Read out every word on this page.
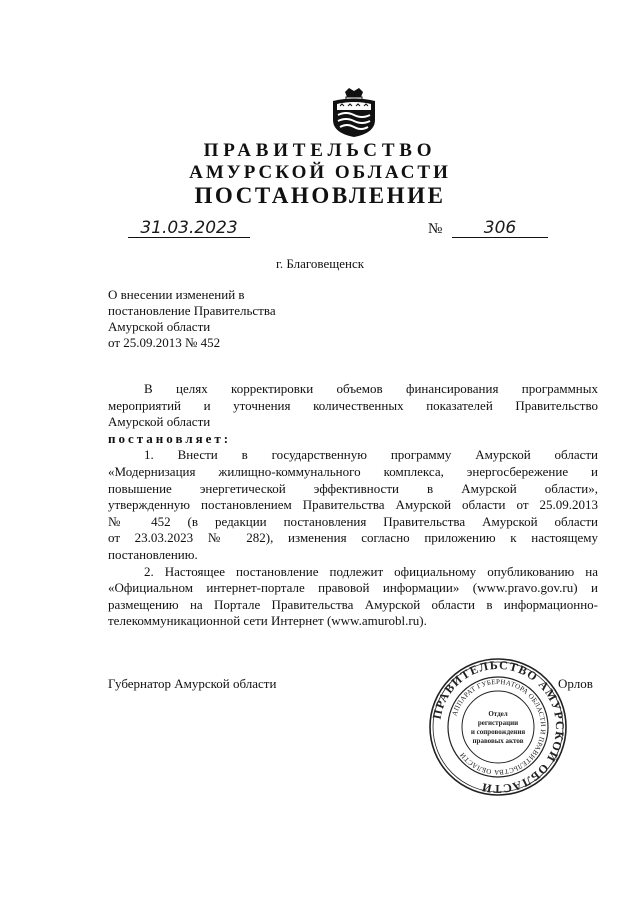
ПРАВИТЕЛЬСТВО
АМУРСКОЙ ОБЛАСТИ
ПОСТАНОВЛЕНИЕ
31.03.2023	№	306
г. Благовещенск
О внесении изменений в
постановление Правительства
Амурской области
от 25.09.2013 № 452
В целях корректировки объемов финансирования программных
мероприятий и уточнения количественных показателей Правительство
Амурской области
постановляет:
1. Внести в государственную программу Амурской области
«Модернизация жилищно-коммунального комплекса, энергосбережение и
повышение энергетической эффективности в Амурской области»,
утвержденную постановлением Правительства Амурской области от 25.09.2013
№ 452 (в редакции постановления Правительства Амурской области
от 23.03.2023 № 282), изменения согласно приложению к настоящему
постановлению.
2. Настоящее постановление подлежит официальному опубликованию на
«Официальном интернет-портале правовой информации» (www.pravo.gov.ru) и
размещению на Портале Правительства Амурской области в информационно-
телекоммуникационной сети Интернет (www.amurobl.ru).
Губернатор Амурской области	Орлов
ПРАВИТЕЛЬСТВО АМУРСКОЙ ОБЛАСТИ
АППАРАТ ГУБЕРНАТОРА ОБЛАСТИ И ПРАВИТЕЛЬСТВА ОБЛАСТИ
Отдел
регистрации
и сопровождения
правовых актов
